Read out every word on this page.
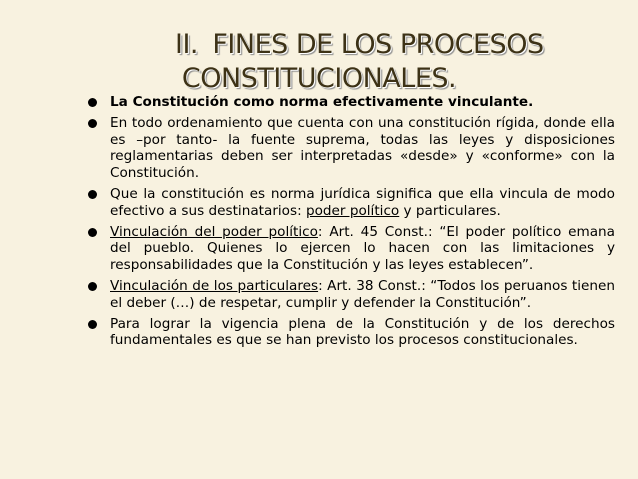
II. FINES DE LOS PROCESOS
CONSTITUCIONALES.
La Constitución como norma efectivamente vinculante.
En todo ordenamiento que cuenta con una constitución rígida, donde ella es –por tanto- la fuente suprema, todas las leyes y disposiciones reglamentarias deben ser interpretadas «desde» y «conforme» con la Constitución.
Que la constitución es norma jurídica significa que ella vincula de modo efectivo a sus destinatarios: poder político y particulares.
Vinculación del poder político: Art. 45 Const.: “El poder político emana del pueblo. Quienes lo ejercen lo hacen con las limitaciones y responsabilidades que la Constitución y las leyes establecen”.
Vinculación de los particulares: Art. 38 Const.: “Todos los peruanos tienen el deber (…) de respetar, cumplir y defender la Constitución”.
Para lograr la vigencia plena de la Constitución y de los derechos fundamentales es que se han previsto los procesos constitucionales.
